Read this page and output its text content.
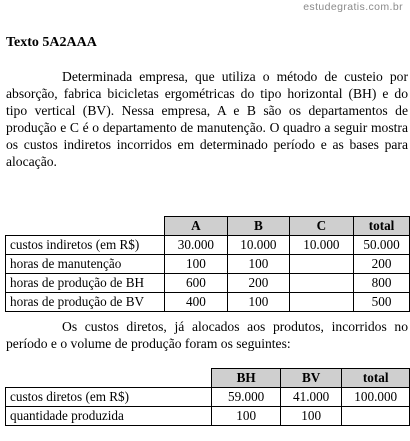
estudegratis.com.br
Texto 5A2AAA
Determinada empresa, que utiliza o método de custeio por absorção, fabrica bicicletas ergométricas do tipo horizontal (BH) e do tipo vertical (BV). Nessa empresa, A e B são os departamentos de produção e C é o departamento de manutenção. O quadro a seguir mostra os custos indiretos incorridos em determinado período e as bases para alocação.
	A	B	C	total
custos indiretos (em R$)	30.000	10.000	10.000	50.000
horas de manutenção	100	100		200
horas de produção de BH	600	200		800
horas de produção de BV	400	100		500
Os custos diretos, já alocados aos produtos, incorridos no período e o volume de produção foram os seguintes:
	BH	BV	total
custos diretos (em R$)	59.000	41.000	100.000
quantidade produzida	100	100	
